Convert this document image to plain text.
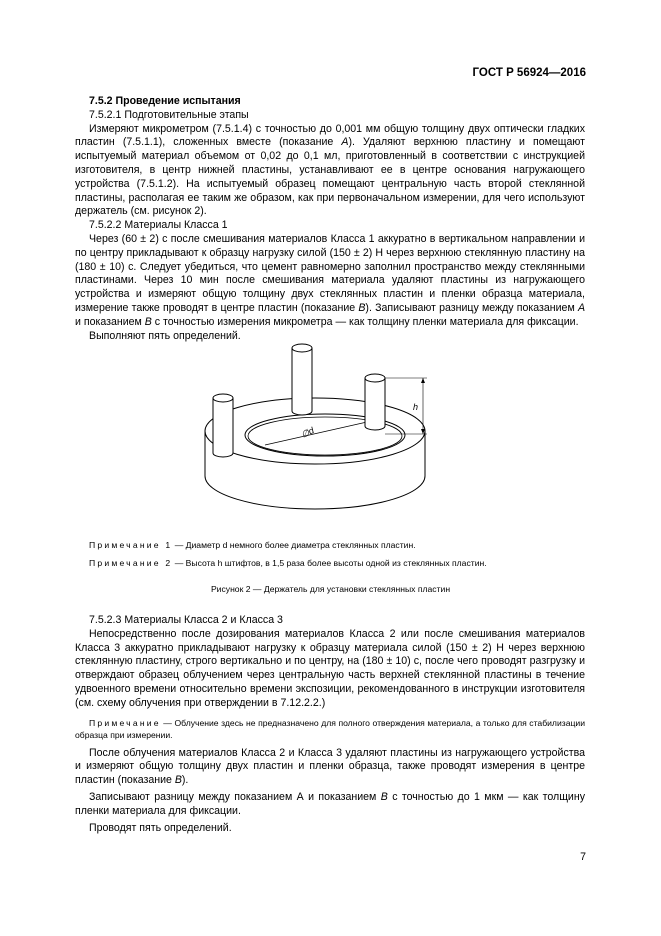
ГОСТ Р 56924—2016

7.5.2 Проведение испытания

7.5.2.1 Подготовительные этапы

Измеряют микрометром (7.5.1.4) с точностью до 0,001 мм общую толщину двух оптически гладких пластин (7.5.1.1), сложенных вместе (показание A). Удаляют верхнюю пластину и помещают испытуемый материал объемом от 0,02 до 0,1 мл, приготовленный в соответствии с инструкцией изготовителя, в центр нижней пластины, устанавливают ее в центре основания нагружающего устройства (7.5.1.2). На испытуемый образец помещают центральную часть второй стеклянной пластины, располагая ее таким же образом, как при первоначальном измерении, для чего используют держатель (см. рисунок 2).

7.5.2.2 Материалы Класса 1

Через (60 ± 2) с после смешивания материалов Класса 1 аккуратно в вертикальном направлении и по центру прикладывают к образцу нагрузку силой (150 ± 2) Н через верхнюю стеклянную пластину на (180 ± 10) с. Следует убедиться, что цемент равномерно заполнил пространство между стеклянными пластинами. Через 10 мин после смешивания материала удаляют пластины из нагружающего устройства и измеряют общую толщину двух стеклянных пластин и пленки образца материала, измерение также проводят в центре пластин (показание B). Записывают разницу между показанием A и показанием B с точностью измерения микрометра — как толщину пленки материала для фиксации.

Выполняют пять определений.

∅d
h

Примечание 1 — Диаметр d немного более диаметра стеклянных пластин.

Примечание 2 — Высота h штифтов, в 1,5 раза более высоты одной из стеклянных пластин.

Рисунок 2 — Держатель для установки стеклянных пластин

7.5.2.3 Материалы Класса 2 и Класса 3

Непосредственно после дозирования материалов Класса 2 или после смешивания материалов Класса 3 аккуратно прикладывают нагрузку к образцу материала силой (150 ± 2) Н через верхнюю стеклянную пластину, строго вертикально и по центру, на (180 ± 10) с, после чего проводят разгрузку и отверждают образец облучением через центральную часть верхней стеклянной пластины в течение удвоенного времени относительно времени экспозиции, рекомендованного в инструкции изготовителя (см. схему облучения при отверждении в 7.12.2.2.)

Примечание — Облучение здесь не предназначено для полного отверждения материала, а только для стабилизации образца при измерении.

После облучения материалов Класса 2 и Класса 3 удаляют пластины из нагружающего устройства и измеряют общую толщину двух пластин и пленки образца, также проводят измерения в центре пластин (показание B).

Записывают разницу между показанием А и показанием B с точностью до 1 мкм — как толщину пленки материала для фиксации.

Проводят пять определений.

7
